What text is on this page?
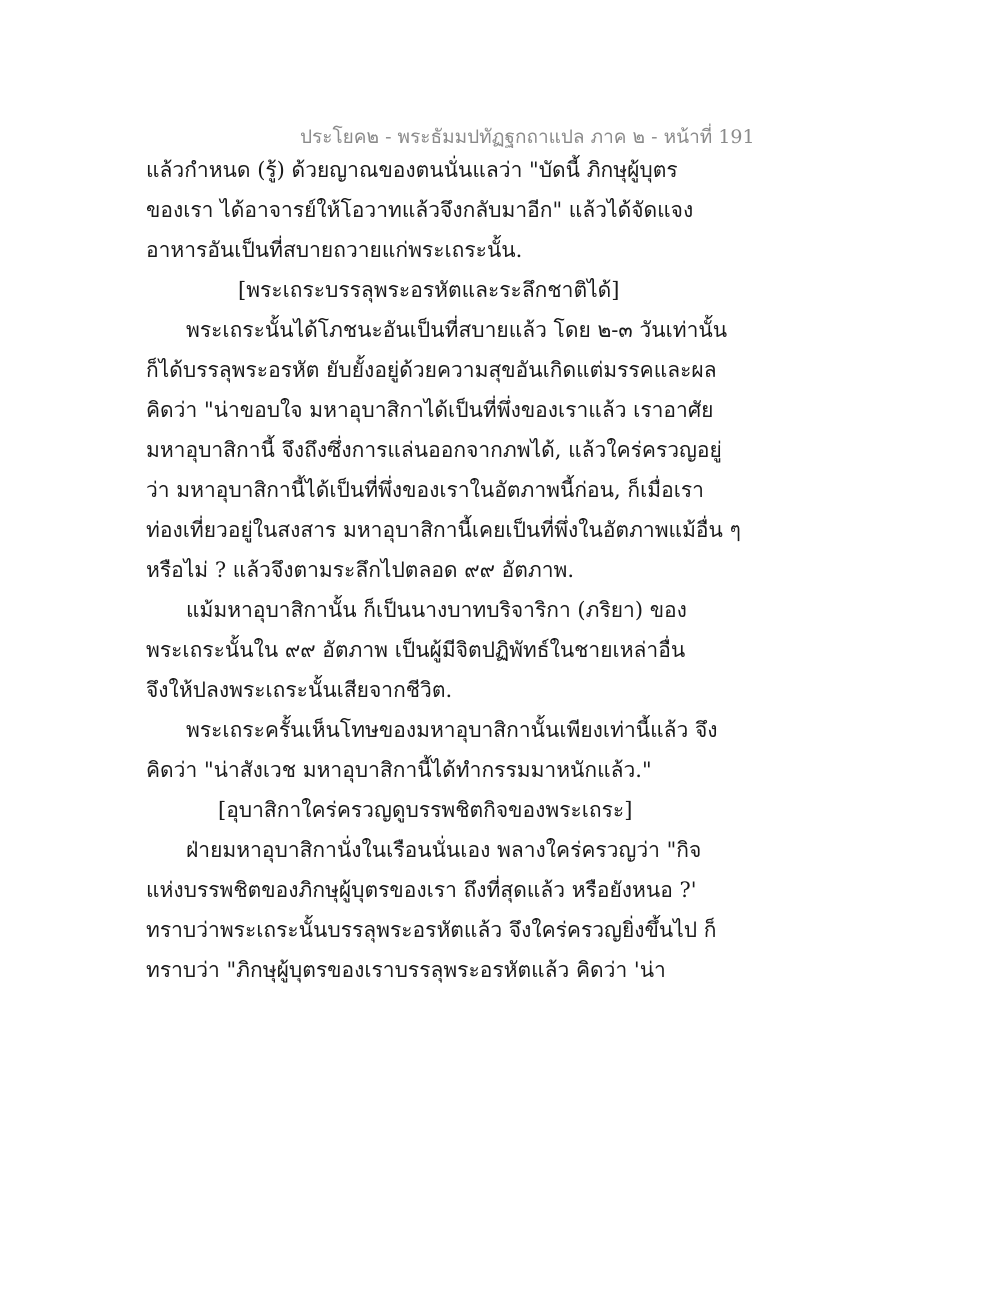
ประโยค๒ - พระธัมมปทัฏฐกถาแปล ภาค ๒ - หน้าที่ 191
แล้วกำหนด (รู้) ด้วยญาณของตนนั่นแลว่า "บัดนี้ ภิกษุผู้บุตร
ของเรา ได้อาจารย์ให้โอวาทแล้วจึงกลับมาอีก" แล้วได้จัดแจง
อาหารอันเป็นที่สบายถวายแก่พระเถระนั้น.
[พระเถระบรรลุพระอรหัตและระลึกชาติได้]
พระเถระนั้นได้โภชนะอันเป็นที่สบายแล้ว โดย ๒-๓ วันเท่านั้น
ก็ได้บรรลุพระอรหัต ยับยั้งอยู่ด้วยความสุขอันเกิดแต่มรรคและผล
คิดว่า "น่าขอบใจ มหาอุบาสิกาได้เป็นที่พึ่งของเราแล้ว เราอาศัย
มหาอุบาสิกานี้ จึงถึงซึ่งการแล่นออกจากภพได้, แล้วใคร่ครวญอยู่
ว่า มหาอุบาสิกานี้ได้เป็นที่พึ่งของเราในอัตภาพนี้ก่อน, ก็เมื่อเรา
ท่องเที่ยวอยู่ในสงสาร มหาอุบาสิกานี้เคยเป็นที่พึ่งในอัตภาพแม้อื่น ๆ
หรือไม่ ? แล้วจึงตามระลึกไปตลอด ๙๙ อัตภาพ.
แม้มหาอุบาสิกานั้น ก็เป็นนางบาทบริจาริกา (ภริยา) ของ
พระเถระนั้นใน ๙๙ อัตภาพ เป็นผู้มีจิตปฏิพัทธ์ในชายเหล่าอื่น
จึงให้ปลงพระเถระนั้นเสียจากชีวิต.
พระเถระครั้นเห็นโทษของมหาอุบาสิกานั้นเพียงเท่านี้แล้ว จึง
คิดว่า "น่าสังเวช มหาอุบาสิกานี้ได้ทำกรรมมาหนักแล้ว."
[อุบาสิกาใคร่ครวญดูบรรพชิตกิจของพระเถระ]
ฝ่ายมหาอุบาสิกานั่งในเรือนนั่นเอง พลางใคร่ครวญว่า "กิจ
แห่งบรรพชิตของภิกษุผู้บุตรของเรา ถึงที่สุดแล้ว หรือยังหนอ ?'
ทราบว่าพระเถระนั้นบรรลุพระอรหัตแล้ว จึงใคร่ครวญยิ่งขึ้นไป ก็
ทราบว่า "ภิกษุผู้บุตรของเราบรรลุพระอรหัตแล้ว คิดว่า 'น่า
